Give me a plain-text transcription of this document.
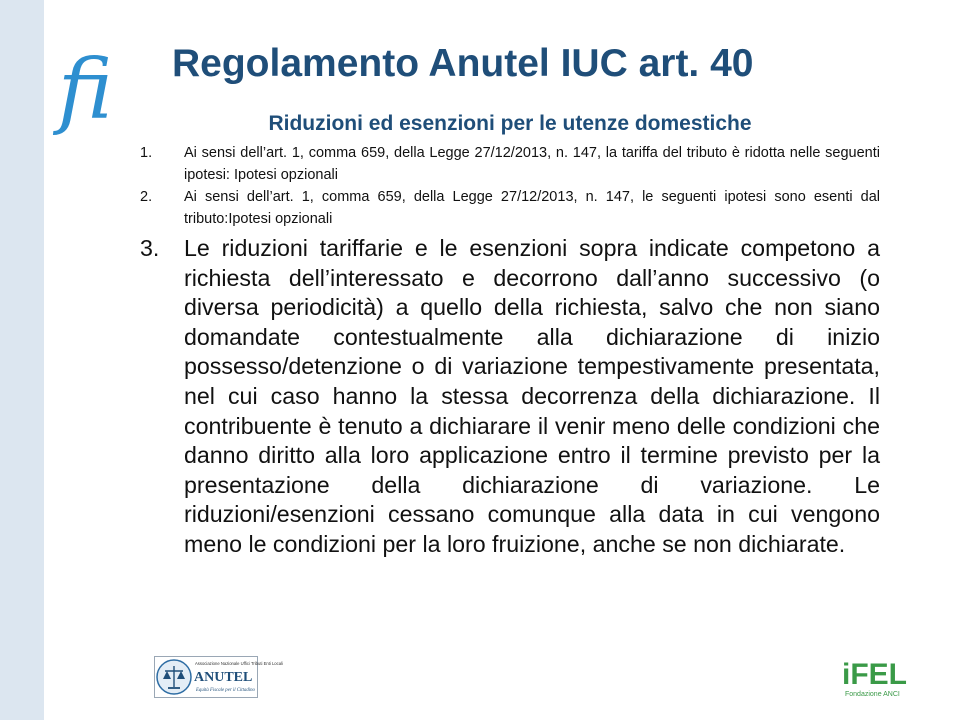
fi Regolamento Anutel IUC art. 40
Riduzioni ed esenzioni per le utenze domestiche
1. Ai sensi dell’art. 1, comma 659, della Legge 27/12/2013, n. 147, la tariffa del tributo è ridotta nelle seguenti ipotesi: Ipotesi opzionali
2. Ai sensi dell’art. 1, comma 659, della Legge 27/12/2013, n. 147, le seguenti ipotesi sono esenti dal tributo:Ipotesi opzionali
3. Le riduzioni tariffarie e le esenzioni sopra indicate competono a richiesta dell’interessato e decorrono dall’anno successivo (o diversa periodicità) a quello della richiesta, salvo che non siano domandate contestualmente alla dichiarazione di inizio possesso/detenzione o di variazione tempestivamente presentata, nel cui caso hanno la stessa decorrenza della dichiarazione. Il contribuente è tenuto a dichiarare il venir meno delle condizioni che danno diritto alla loro applicazione entro il termine previsto per la presentazione della dichiarazione di variazione. Le riduzioni/esenzioni cessano comunque alla data in cui vengono meno le condizioni per la loro fruizione, anche se non dichiarate.
Associazione Nazionale Uffici Tributi Enti Locali
ANUTEL
Equità Fiscale per il Cittadino	iFEL
Fondazione ANCI
